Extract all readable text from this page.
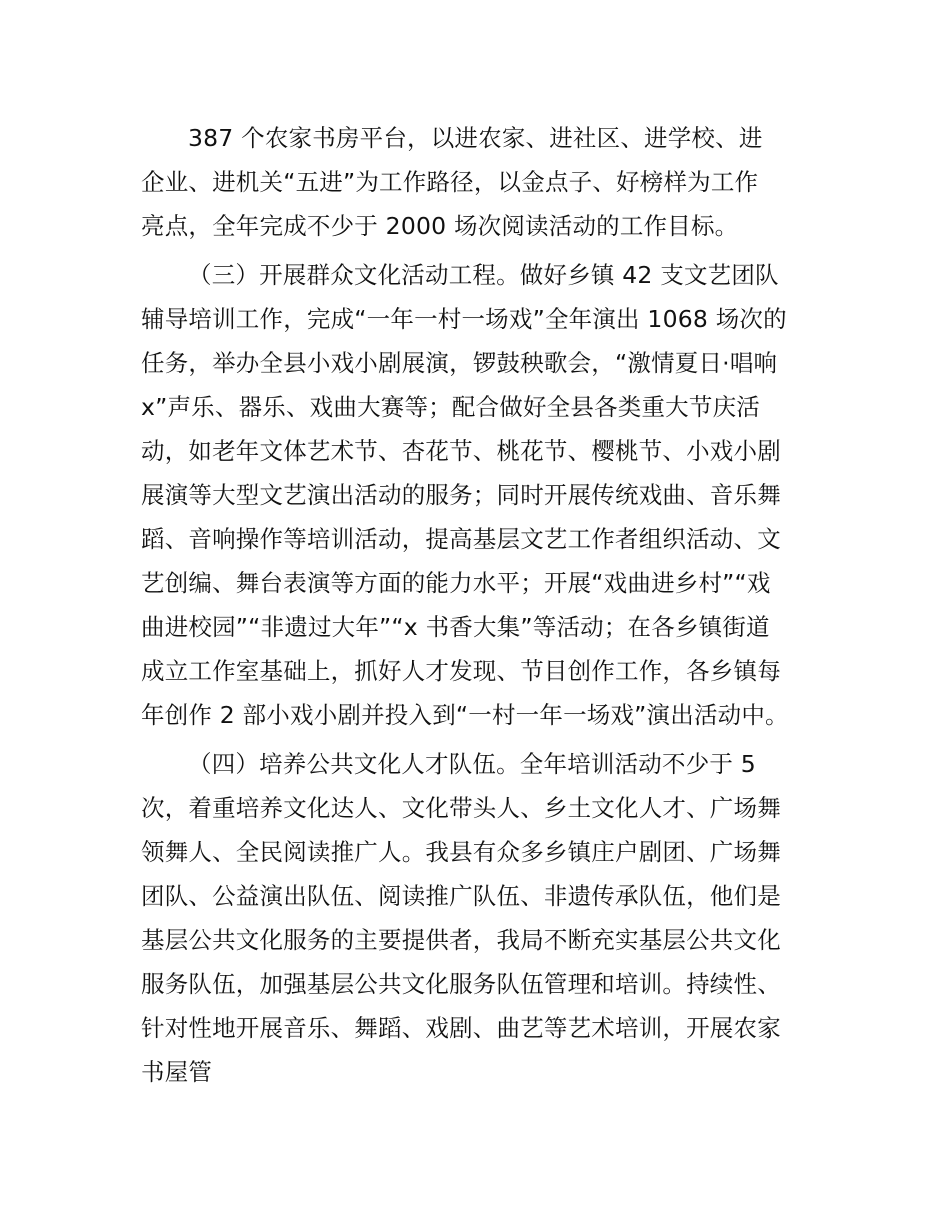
387 个农家书房平台，以进农家、进社区、进学校、进
企业、进机关“五进”为工作路径，以金点子、好榜样为工作
亮点，全年完成不少于 2000 场次阅读活动的工作目标。
（三）开展群众文化活动工程。做好乡镇 42 支文艺团队
辅导培训工作，完成“一年一村一场戏”全年演出 1068 场次的
任务，举办全县小戏小剧展演，锣鼓秧歌会，“激情夏日·唱响
x”声乐、器乐、戏曲大赛等；配合做好全县各类重大节庆活
动，如老年文体艺术节、杏花节、桃花节、樱桃节、小戏小剧
展演等大型文艺演出活动的服务；同时开展传统戏曲、音乐舞
蹈、音响操作等培训活动，提高基层文艺工作者组织活动、文
艺创编、舞台表演等方面的能力水平；开展“戏曲进乡村”“戏
曲进校园”“非遗过大年”“x 书香大集”等活动；在各乡镇街道
成立工作室基础上，抓好人才发现、节目创作工作，各乡镇每
年创作 2 部小戏小剧并投入到“一村一年一场戏”演出活动中。
（四）培养公共文化人才队伍。全年培训活动不少于 5
次，着重培养文化达人、文化带头人、乡土文化人才、广场舞
领舞人、全民阅读推广人。我县有众多乡镇庄户剧团、广场舞
团队、公益演出队伍、阅读推广队伍、非遗传承队伍，他们是
基层公共文化服务的主要提供者，我局不断充实基层公共文化
服务队伍，加强基层公共文化服务队伍管理和培训。持续性、
针对性地开展音乐、舞蹈、戏剧、曲艺等艺术培训，开展农家
书屋管
